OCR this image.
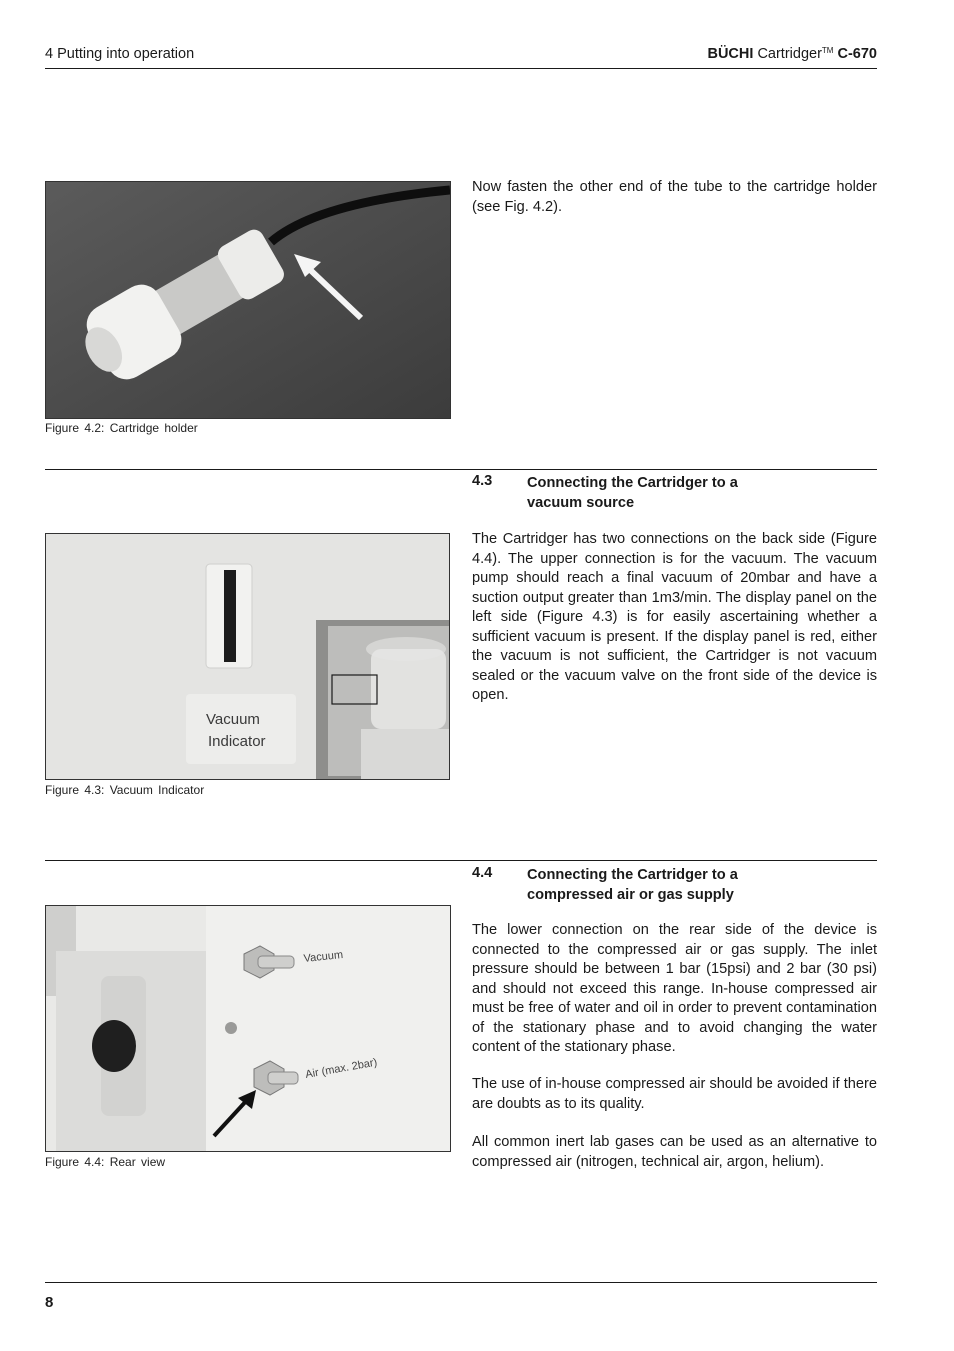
4 Putting into operation	BÜCHI Cartridger™ C-670
Figure 4.2: Cartridge holder
Now fasten the other end of the tube to the cartridge holder (see Fig. 4.2).
4.3 Connecting the Cartridger to a
vacuum source
The Cartridger has two connections on the back side (Figure 4.4). The upper connection is for the vacuum. The vacuum pump should reach a final vacuum of 20mbar and have a suction output greater than 1m3/min. The display panel on the left side (Figure 4.3) is for easily ascertaining whether a sufficient vacuum is present. If the display panel is red, either the vacuum is not sufficient, the Cartridger is not vacuum sealed or the vacuum valve on the front side of the device is open.
Vacuum
Indicator
Figure 4.3: Vacuum Indicator
4.4 Connecting the Cartridger to a
compressed air or gas supply
The lower connection on the rear side of the device is connected to the compressed air or gas supply. The inlet pressure should be between 1 bar (15psi) and 2 bar (30 psi) and should not exceed this range. In-house compressed air must be free of water and oil in order to prevent contamination of the stationary phase and to avoid changing the water content of the stationary phase.
The use of in-house compressed air should be avoided if there are doubts as to its quality.
All common inert lab gases can be used as an alternative to compressed air (nitrogen, technical air, argon, helium).
Vacuum
Air (max. 2bar)
Figure 4.4: Rear view
8
